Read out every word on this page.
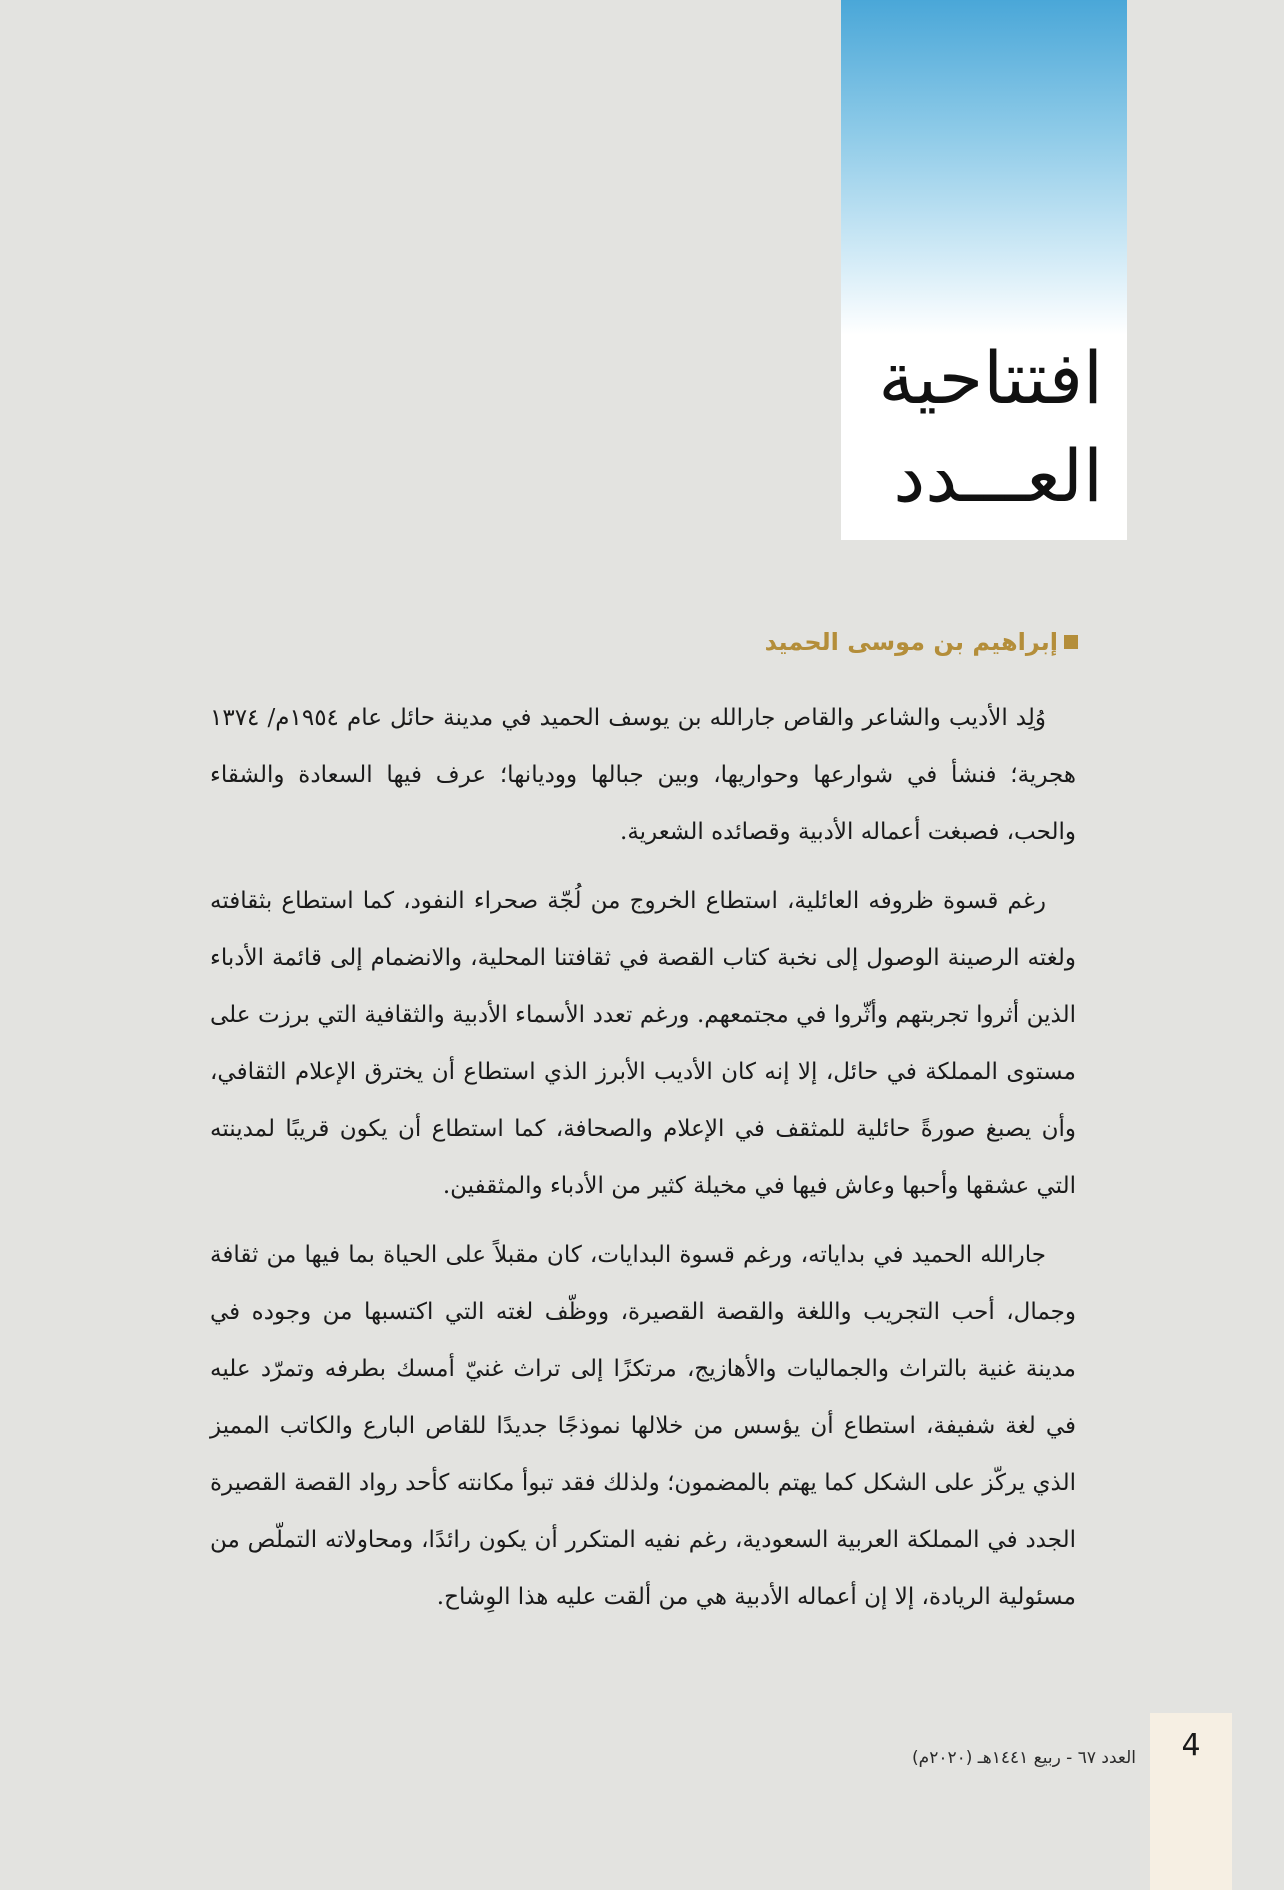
افتتاحية
العـــدد
إبراهيم بن موسى الحميد

وُلِد الأديب والشاعر والقاص جارالله بن يوسف الحميد في مدينة حائل عام ١٩٥٤م/ ١٣٧٤ هجرية؛ فنشأ في شوارعها وحواريها، وبين جبالها ووديانها؛ عرف فيها السعادة والشقاء والحب، فصبغت أعماله الأدبية وقصائده الشعرية.

رغم قسوة ظروفه العائلية، استطاع الخروج من لُجّة صحراء النفود، كما استطاع بثقافته ولغته الرصينة الوصول إلى نخبة كتاب القصة في ثقافتنا المحلية، والانضمام إلى قائمة الأدباء الذين أثروا تجربتهم وأثّروا في مجتمعهم. ورغم تعدد الأسماء الأدبية والثقافية التي برزت على مستوى المملكة في حائل، إلا إنه كان الأديب الأبرز الذي استطاع أن يخترق الإعلام الثقافي، وأن يصبغ صورةً حائلية للمثقف في الإعلام والصحافة، كما استطاع أن يكون قريبًا لمدينته التي عشقها وأحبها وعاش فيها في مخيلة كثير من الأدباء والمثقفين.

جارالله الحميد في بداياته، ورغم قسوة البدايات، كان مقبلاً على الحياة بما فيها من ثقافة وجمال، أحب التجريب واللغة والقصة القصيرة، ووظّف لغته التي اكتسبها من وجوده في مدينة غنية بالتراث والجماليات والأهازيج، مرتكزًا إلى تراث غنيّ أمسك بطرفه وتمرّد عليه في لغة شفيفة، استطاع أن يؤسس من خلالها نموذجًا جديدًا للقاص البارع والكاتب المميز الذي يركّز على الشكل كما يهتم بالمضمون؛ ولذلك فقد تبوأ مكانته كأحد رواد القصة القصيرة الجدد في المملكة العربية السعودية، رغم نفيه المتكرر أن يكون رائدًا، ومحاولاته التملّص من مسئولية الريادة، إلا إن أعماله الأدبية هي من ألقت عليه هذا الوِشاح.

4
العدد ٦٧ - ربيع ١٤٤١هـ (٢٠٢٠م)
